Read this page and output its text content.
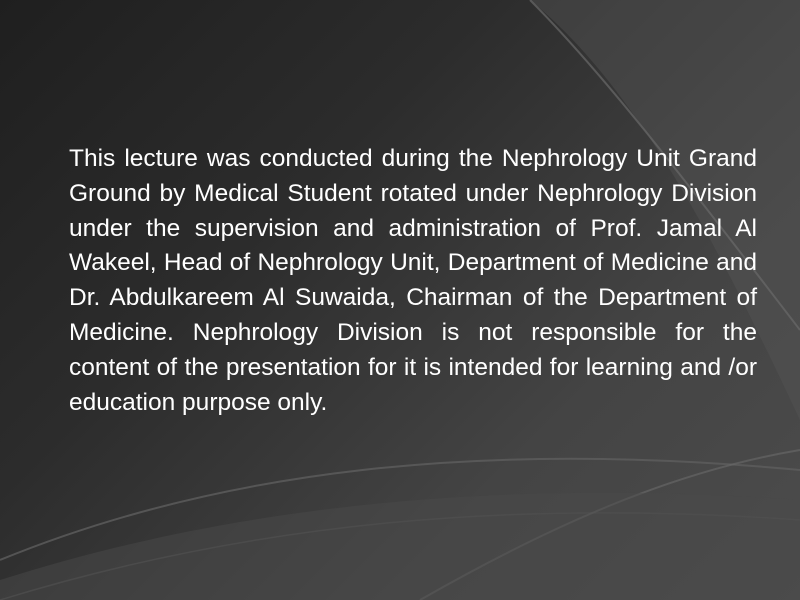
This lecture was conducted during the Nephrology Unit Grand Ground by Medical Student rotated under Nephrology Division under the supervision and administration of Prof. Jamal Al Wakeel, Head of Nephrology Unit, Department of Medicine and Dr. Abdulkareem Al Suwaida, Chairman of the Department of Medicine. Nephrology Division is not responsible for the content of the presentation for it is intended for learning and /or education purpose only.
